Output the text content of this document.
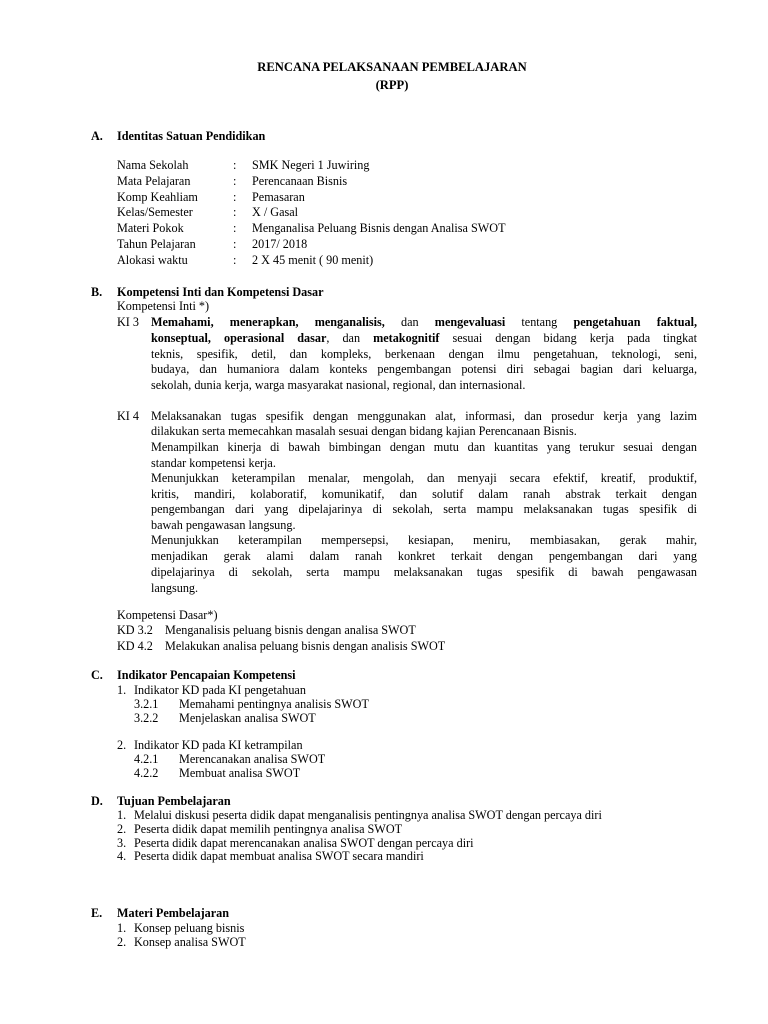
RENCANA PELAKSANAAN PEMBELAJARAN
(RPP)
A. Identitas Satuan Pendidikan
Nama Sekolah	: SMK Negeri 1 Juwiring
Mata Pelajaran	: Perencanaan Bisnis
Komp Keahliam	: Pemasaran
Kelas/Semester	: X / Gasal
Materi Pokok	: Menganalisa Peluang Bisnis dengan Analisa SWOT
Tahun Pelajaran	: 2017/ 2018
Alokasi waktu	: 2 X 45 menit ( 90 menit)
B. Kompetensi Inti dan Kompetensi Dasar
Kompetensi Inti *)
KI 3 Memahami, menerapkan, menganalisis, dan mengevaluasi tentang pengetahuan faktual,
konseptual, operasional dasar, dan metakognitif sesuai dengan bidang kerja pada tingkat
teknis, spesifik, detil, dan kompleks, berkenaan dengan ilmu pengetahuan, teknologi, seni,
budaya, dan humaniora dalam konteks pengembangan potensi diri sebagai bagian dari keluarga,
sekolah, dunia kerja, warga masyarakat nasional, regional, dan internasional.
KI 4 Melaksanakan tugas spesifik dengan menggunakan alat, informasi, dan prosedur kerja yang lazim
dilakukan serta memecahkan masalah sesuai dengan bidang kajian Perencanaan Bisnis.
Menampilkan kinerja di bawah bimbingan dengan mutu dan kuantitas yang terukur sesuai dengan
standar kompetensi kerja.
Menunjukkan keterampilan menalar, mengolah, dan menyaji secara efektif, kreatif, produktif,
kritis, mandiri, kolaboratif, komunikatif, dan solutif dalam ranah abstrak terkait dengan
pengembangan dari yang dipelajarinya di sekolah, serta mampu melaksanakan tugas spesifik di
bawah pengawasan langsung.
Menunjukkan keterampilan mempersepsi, kesiapan, meniru, membiasakan, gerak mahir,
menjadikan gerak alami dalam ranah konkret terkait dengan pengembangan dari yang
dipelajarinya di sekolah, serta mampu melaksanakan tugas spesifik di bawah pengawasan
langsung.
Kompetensi Dasar*)
KD 3.2 Menganalisis peluang bisnis dengan analisa SWOT
KD 4.2 Melakukan analisa peluang bisnis dengan analisis SWOT
C. Indikator Pencapaian Kompetensi
1. Indikator KD pada KI pengetahuan
3.2.1 Memahami pentingnya analisis SWOT
3.2.2 Menjelaskan analisa SWOT
2. Indikator KD pada KI ketrampilan
4.2.1 Merencanakan analisa SWOT
4.2.2 Membuat analisa SWOT
D. Tujuan Pembelajaran
1. Melalui diskusi peserta didik dapat menganalisis pentingnya analisa SWOT dengan percaya diri
2. Peserta didik dapat memilih pentingnya analisa SWOT
3. Peserta didik dapat merencanakan analisa SWOT dengan percaya diri
4. Peserta didik dapat membuat analisa SWOT secara mandiri
E. Materi Pembelajaran
1. Konsep peluang bisnis
2. Konsep analisa SWOT
